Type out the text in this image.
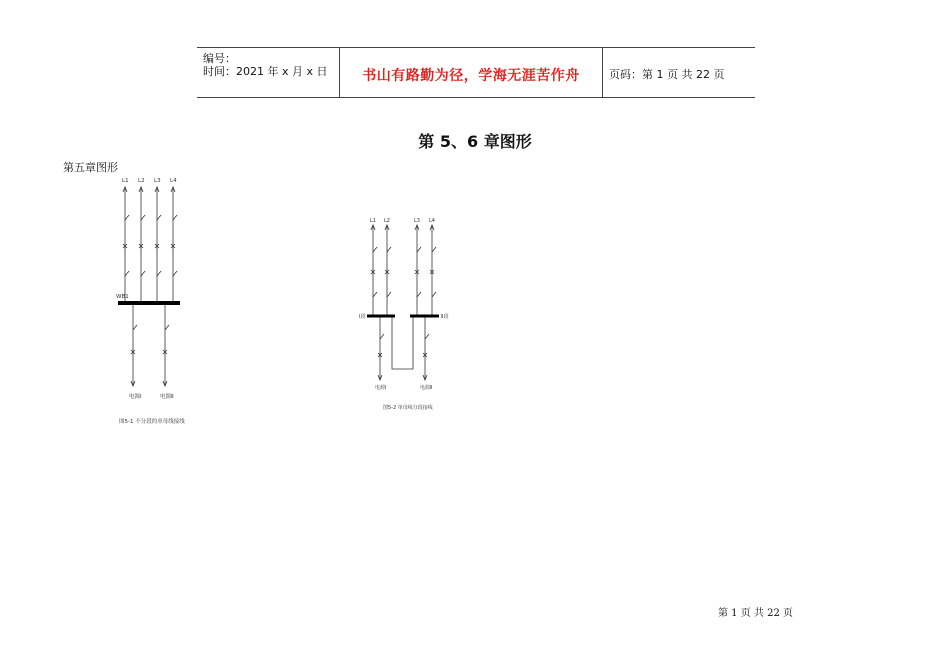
编号：
时间：2021 年 x 月 x 日	书山有路勤为径，学海无涯苦作舟	页码：第 1 页 共 22 页
第 5、6 章图形
第五章图形
L1 L2 L3 L4
WB1
电源Ⅰ	电源Ⅱ
图5-1 不分段的单母线接线
L1 L2	L3 L4
Ⅰ段	Ⅱ段
电源Ⅰ	电源Ⅱ
图5-2 单母线分段接线
第 1 页 共 22 页
